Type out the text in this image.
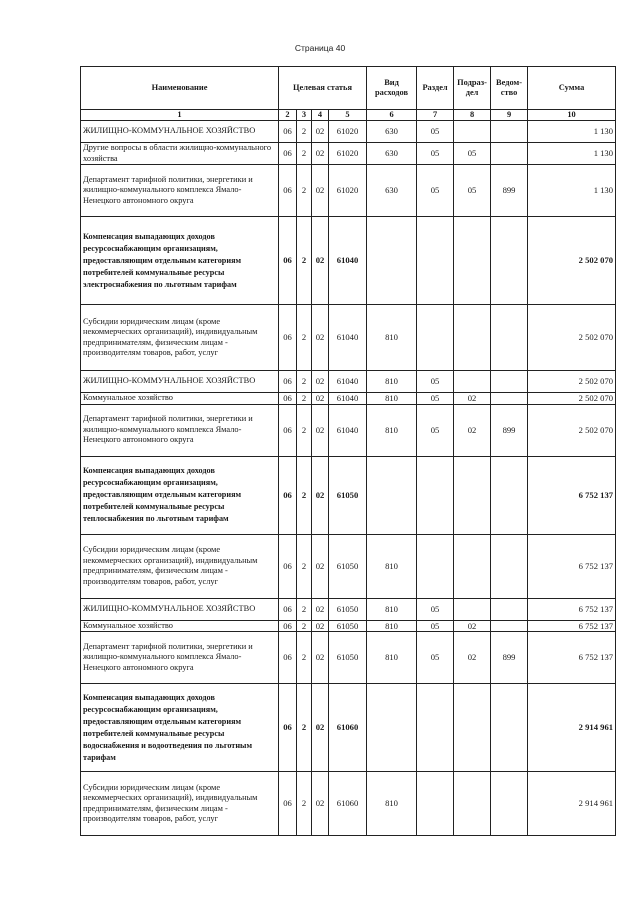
Страница 40
Наименование	Целевая статья				Вид расходов	Раздел	Подраз-дел	Ведом-ство	Сумма
1	2	3	4	5	6	7	8	9	10

ЖИЛИЩНО-КОММУНАЛЬНОЕ ХОЗЯЙСТВО	06	2	02	61020	630	05			1 130

Другие вопросы в области жилищно-коммунального хозяйства	06	2	02	61020	630	05	05		1 130

Департамент тарифной политики, энергетики и жилищно-коммунального комплекса Ямало-Ненецкого автономного округа	06	2	02	61020	630	05	05	899	1 130

Компенсация выпадающих доходов ресурсоснабжающим организациям, предоставляющим отдельным категориям потребителей коммунальные ресурсы электроснабжения по льготным тарифам	06	2	02	61040					2 502 070

Субсидии юридическим лицам (кроме некоммерческих организаций), индивидуальным предпринимателям, физическим лицам - производителям товаров, работ, услуг	06	2	02	61040	810				2 502 070

ЖИЛИЩНО-КОММУНАЛЬНОЕ ХОЗЯЙСТВО	06	2	02	61040	810	05			2 502 070

Коммунальное хозяйство	06	2	02	61040	810	05	02		2 502 070

Департамент тарифной политики, энергетики и жилищно-коммунального комплекса Ямало-Ненецкого автономного округа	06	2	02	61040	810	05	02	899	2 502 070

Компенсация выпадающих доходов ресурсоснабжающим организациям, предоставляющим отдельным категориям потребителей коммунальные ресурсы теплоснабжения по льготным тарифам	06	2	02	61050					6 752 137

Субсидии юридическим лицам (кроме некоммерческих организаций), индивидуальным предпринимателям, физическим лицам - производителям товаров, работ, услуг	06	2	02	61050	810				6 752 137

ЖИЛИЩНО-КОММУНАЛЬНОЕ ХОЗЯЙСТВО	06	2	02	61050	810	05			6 752 137

Коммунальное хозяйство	06	2	02	61050	810	05	02		6 752 137

Департамент тарифной политики, энергетики и жилищно-коммунального комплекса Ямало-Ненецкого автономного округа	06	2	02	61050	810	05	02	899	6 752 137

Компенсация выпадающих доходов ресурсоснабжающим организациям, предоставляющим отдельным категориям потребителей коммунальные ресурсы водоснабжения и водоотведения по льготным тарифам	06	2	02	61060					2 914 961

Субсидии юридическим лицам (кроме некоммерческих организаций), индивидуальным предпринимателям, физическим лицам - производителям товаров, работ, услуг	06	2	02	61060	810				2 914 961
